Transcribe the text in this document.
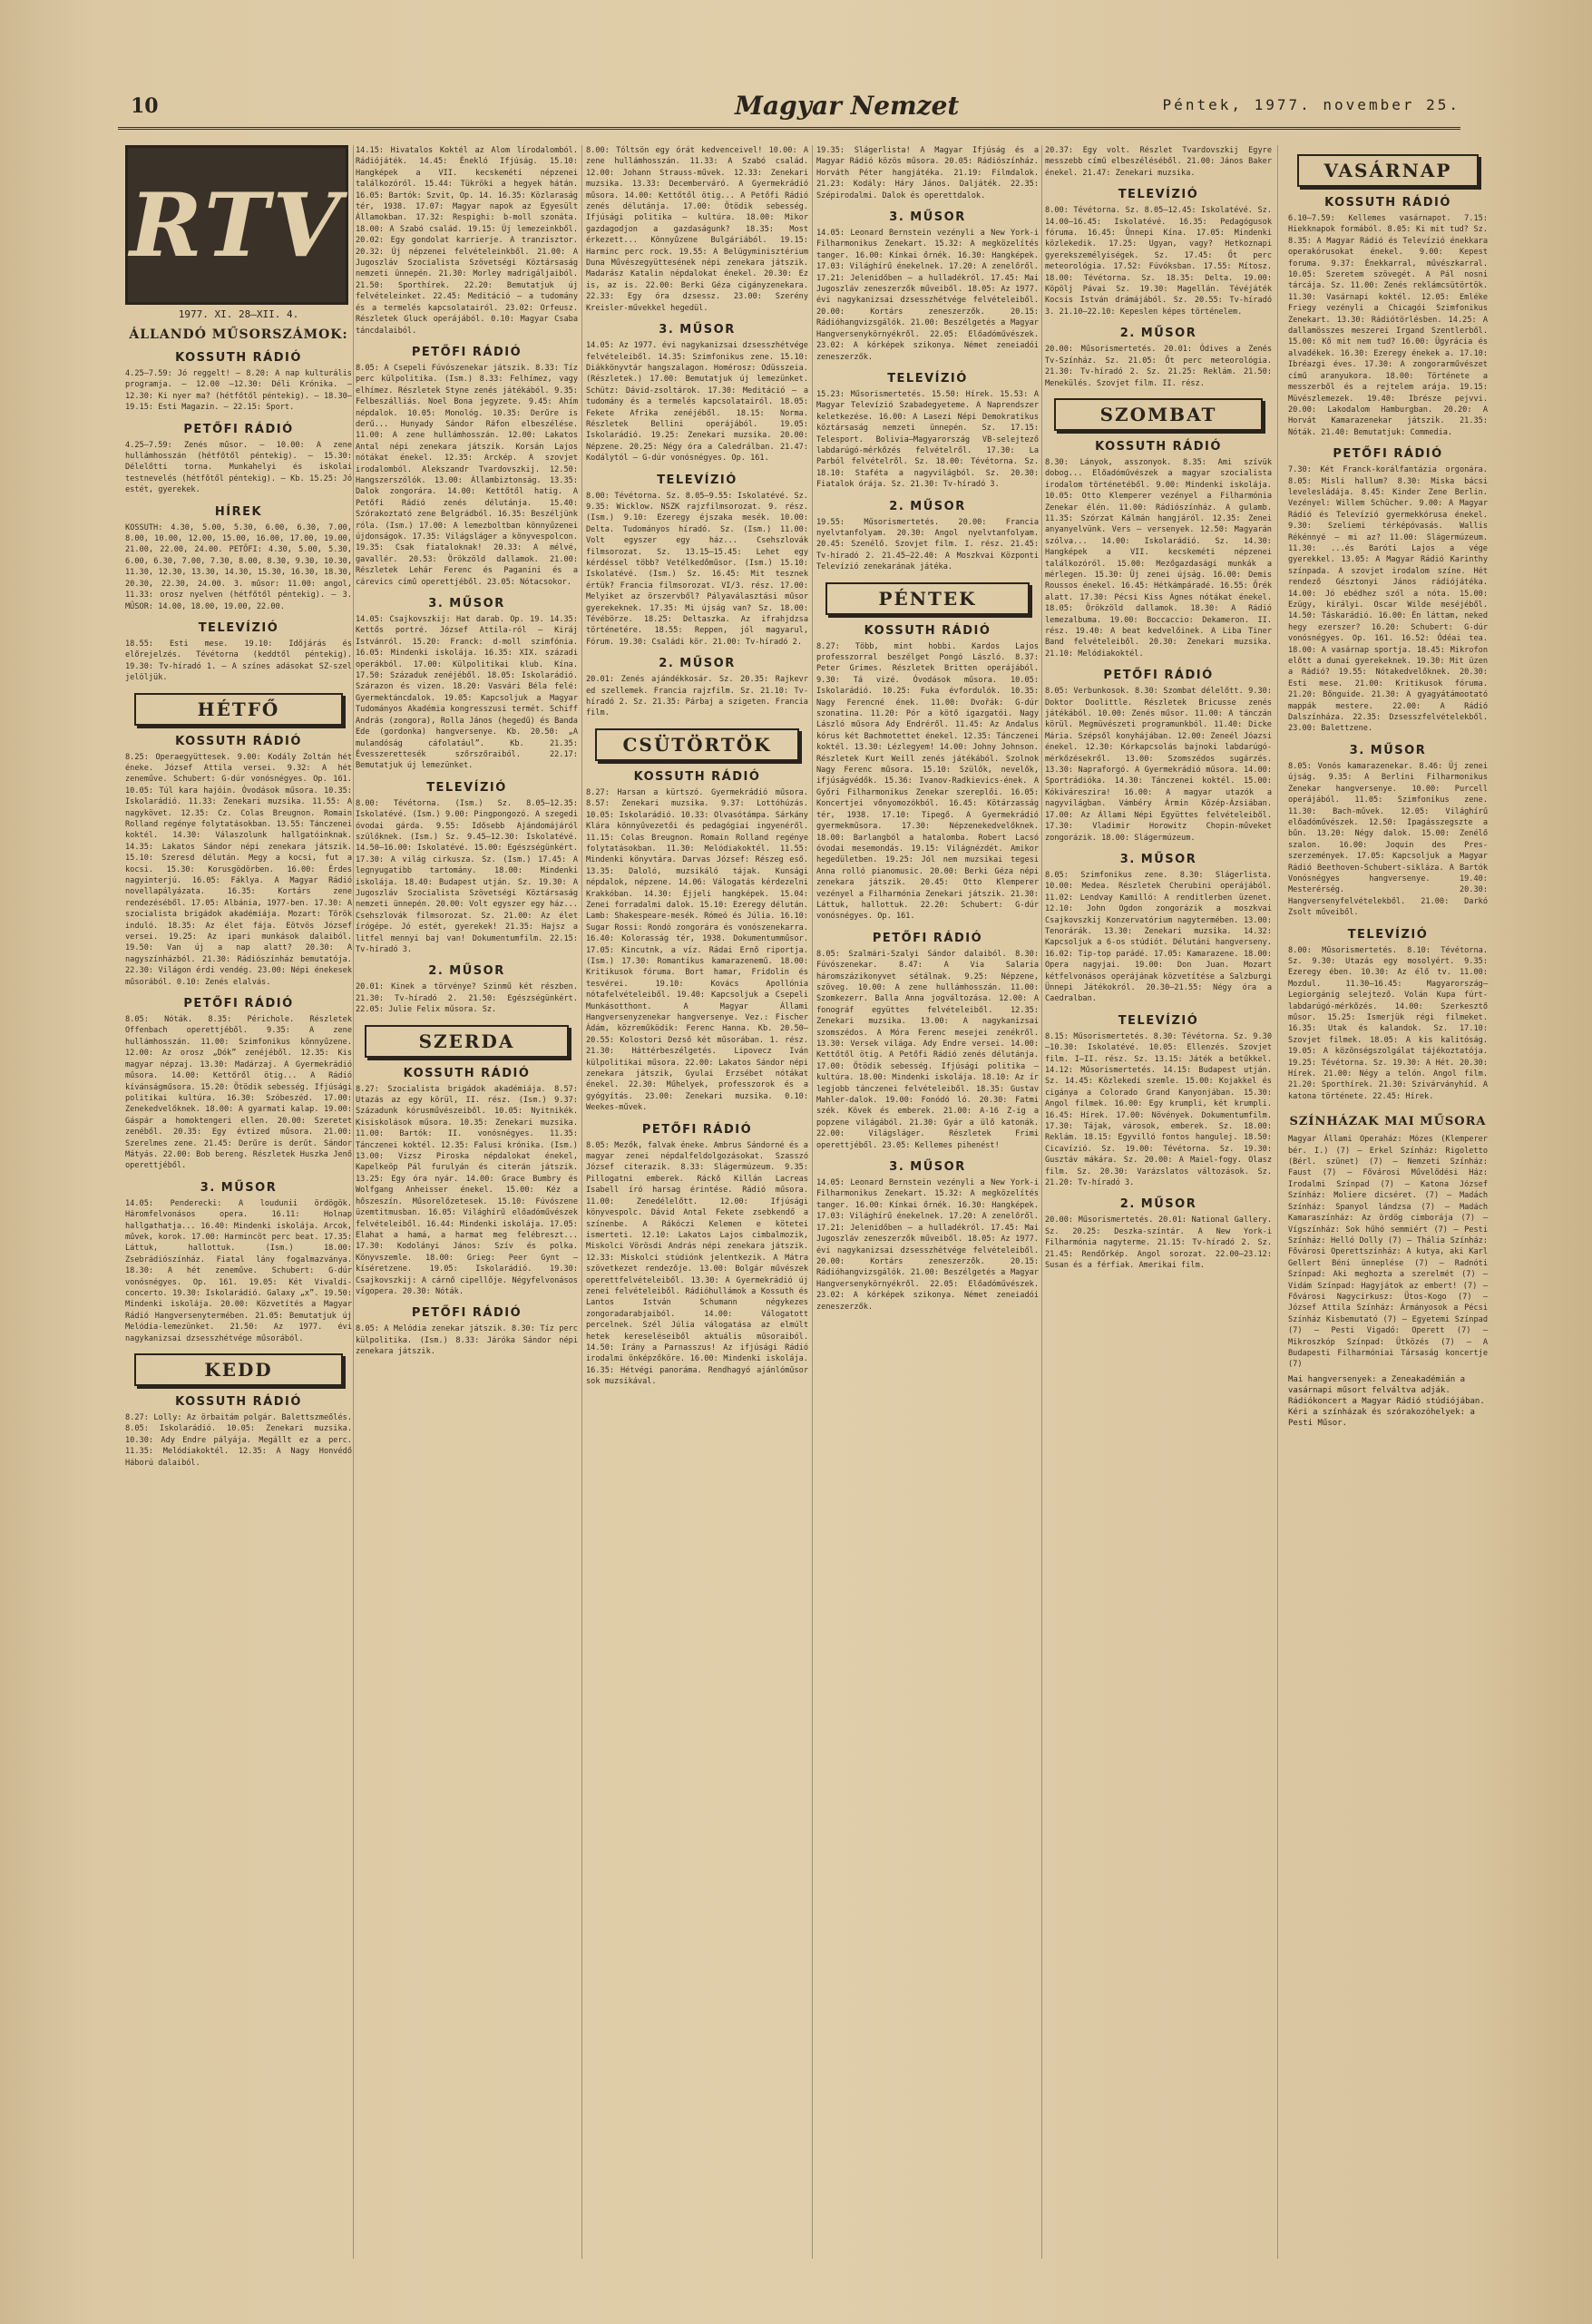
10	Magyar Nemzet	Péntek, 1977. november 25.
RTV
1977. XI. 28—XII. 4.
ÁLLANDÓ MŰSORSZÁMOK:
KOSSUTH RÁDIÓ

4.25—7.59: Jó reggelt! — 8.20: A nap kulturális programja. — 12.00 —12.30: Déli Krónika. — 12.30: Ki nyer ma? (hétfőtől péntekig). — 18.30—19.15: Esti Magazin. — 22.15: Sport.

PETŐFI RÁDIÓ

4.25—7.59: Zenés műsor. — 10.00: A zene hullámhosszán (hétfőtől péntekig). — 15.30: Délelőtti torna. Munkahelyi és iskolai testnevelés (hétfőtől péntekig). — Kb. 15.25: Jó estét, gyerekek.

HÍREK

KOSSUTH: 4.30, 5.00, 5.30, 6.00, 6.30, 7.00, 8.00, 10.00, 12.00, 15.00, 16.00, 17.00, 19.00, 21.00, 22.00, 24.00. PETŐFI: 4.30, 5.00, 5.30, 6.00, 6.30, 7.00, 7.30, 8.00, 8.30, 9.30, 10.30, 11.30, 12.30, 13.30, 14.30, 15.30, 16.30, 18.30, 20.30, 22.30, 24.00. 3. műsor: 11.00: angol, 11.33: orosz nyelven (hétfőtől péntekig). — 3. MŰSOR: 14.00, 18.00, 19.00, 22.00.

TELEVÍZIÓ

18.55: Esti mese. 19.10: Időjárás és előrejelzés. Tévétorna (keddtől péntekig). 19.30: Tv-híradó 1. — A színes adásokat SZ-szel jelöljük.

HÉTFŐ
KOSSUTH RÁDIÓ

8.25: Operaegyüttesek. 9.00: Kodály Zoltán hét éneke. József Attila versei. 9.32: A hét zeneműve. Schubert: G-dúr vonósnégyes. Op. 161. 10.05: Túl kara hajóin. Óvodások műsora. 10.35: Iskolarádió. 11.33: Zenekari muzsika. 11.55: A nagykövet. 12.35: Cz. Colas Breugnon. Romain Rolland regénye folytatásokban. 13.55: Tánczenei koktél. 14.30: Válaszolunk hallgatóinknak. 14.35: Lakatos Sándor népi zenekara játszik. 15.10: Szeresd délután. Megy a kocsi, fut a kocsi. 15.30: Korusgödörben. 16.00: Érdes nagyinterjú. 16.05: Fáklya. A Magyar Rádió novellapályázata. 16.35: Kortárs zene rendezéséből. 17.05: Albánia, 1977-ben. 17.30: A szocialista brigádok akadémiája. Mozart: Török induló. 18.35: Az élet fája. Eötvös József versei. 19.25: Az ipari munkások dalaiból. 19.50: Van új a nap alatt? 20.30: A nagyszínházból. 21.30: Rádiószínház bemutatója. 22.30: Világon érdi vendég. 23.00: Népi énekesek műsorából. 0.10: Zenés elalvás.

PETŐFI RÁDIÓ

8.05: Nóták. 8.35: Périchole. Részletek Offenbach operettjéből. 9.35: A zene hullámhosszán. 11.00: Szimfonikus könnyűzene. 12.00: Az orosz „Dók” zenéjéből. 12.35: Kis magyar népzaj. 13.30: Madárzaj. A Gyermekrádió műsora. 14.00: Kettőről ötig... A Rádió kívánságműsora. 15.20: Ötödik sebesség. Ifjúsági politikai kultúra. 16.30: Szóbeszéd. 17.00: Zenekedvelőknek. 18.00: A gyarmati kalap. 19.00: Gáspár a homoktengeri ellen. 20.00: Szeretet zenéből. 20.35: Egy évtized műsora. 21.00: Szerelmes zene. 21.45: Derűre is derűt. Sándor Mátyás. 22.00: Bob bereng. Részletek Huszka Jenő operettjéből.

3. MŰSOR

14.05: Penderecki: A loudunii ördögök. Háromfelvonásos opera. 16.11: Holnap hallgathatja... 16.40: Mindenki iskolája. Arcok, művek, korok. 17.00: Harmincöt perc beat. 17.35: Láttuk, hallottuk. (Ism.) 18.00: Zsebrádiószínház. Fiatal lány fogalmazványa. 18.30: A hét zeneműve. Schubert: G-dúr vonósnégyes. Op. 161. 19.05: Két Vivaldi-concerto. 19.30: Iskolarádió. Galaxy „x”. 19.50: Mindenki iskolája. 20.00: Közvetítés a Magyar Rádió Hangversenytermében. 21.05: Bemutatjuk új Melódia-lemezünket. 21.50: Az 1977. évi nagykanizsai dzsesszhétvége műsorából.

KEDD
KOSSUTH RÁDIÓ

8.27: Lolly: Az örbaitám polgár. Balettszmeőlés. 8.05: Iskolarádió. 10.05: Zenekari muzsika. 10.30: Ady Endre pályája. Megállt ez a perc. 11.35: Melódiakoktél. 12.35: A Nagy Honvédő Háború dalaiból.

14.15: Hivatalos Koktél az Alom lírodalomból. Rádiójáték. 14.45: Énekló Ifjúság. 15.10: Hangképek a VII. kecskeméti népzenei találkozóról. 15.44: Tükröki a hegyek hátán. 16.05: Bartók: Szvit, Op. 14. 16.35: Közlaraság tér, 1938. 17.07: Magyar napok az Egyesült Államokban. 17.32: Respighi: b-moll szonáta. 18.00: A Szabó család. 19.15: Új lemezeinkből. 20.02: Egy gondolat karrierje. A tranzisztor. 20.32: Új népzenei felvételeinkből. 21.00: A Jugoszláv Szocialista Szövetségi Köztársaság nemzeti ünnepén. 21.30: Morley madrigáljaiból. 21.50: Sporthírek. 22.20: Bemutatjuk új felvételeinket. 22.45: Meditáció — a tudomány és a termelés kapcsolatairól. 23.02: Orfeusz. Részletek Gluck operájából. 0.10: Magyar Csaba táncdalaiból.

PETŐFI RÁDIÓ

8.05: A Csepeli Fúvószenekar játszik. 8.33: Tíz perc külpolitika. (Ism.) 8.33: Felhímez, vagy elhímez. Részletek Styne zenés játékából. 9.35: Felbeszálliás. Noel Bona jegyzete. 9.45: Ahím népdalok. 10.05: Monológ. 10.35: Derűre is derű... Hunyady Sándor Ráfon elbeszélése. 11.00: A zene hullámhosszán. 12.00: Lakatos Antal népi zenekara játszik. Korsán Lajos nótákat énekel. 12.35: Arckép. A szovjet irodalomból. Alekszandr Tvardovszkij. 12.50: Hangszerszólók. 13.00: Állambiztonság. 13.35: Dalok zongorára. 14.00: Kettőtől hatig. A Petőfi Rádió zenés délutánja. 15.40: Szórakoztató zene Belgrádból. 16.35: Beszéljünk róla. (Ism.) 17.00: A lemezboltban könnyűzenei újdonságok. 17.35: Világsláger a könyvespolcon. 19.35: Csak fiataloknak! 20.33: A mélvé, gavallér. 20.53: Örökzöld dallamok. 21.00: Részletek Lehár Ferenc és Paganini és a cárevics című operettjéből. 23.05: Nótacsokor.

3. MŰSOR

14.05: Csajkovszkij: Hat darab. Op. 19. 14.35: Kettős portré. József Attila-ról — Kiráj Istvánról. 15.20: Franck: d-moll szimfónia. 16.05: Mindenki iskolája. 16.35: XIX. századi operákból. 17.00: Külpolitikai klub. Kína. 17.50: Századuk zenéjéből. 18.05: Iskolarádió. Szárazon és vizen. 18.20: Vasvári Béla felé: Gyermektáncdalok. 19.05: Kapcsoljuk a Magyar Tudományos Akadémia kongresszusi termét. Schiff András (zongora), Rolla János (hegedű) és Banda Ede (gordonka) hangversenye. Kb. 20.50: „A mulandóság cáfolatául”. Kb. 21.35: Évesszerettesék szőrszőraiból. 22.17: Bemutatjuk új lemezünket.

TELEVÍZIÓ

8.00: Tévétorna. (Ism.) Sz. 8.05—12.35: Iskolatévé. (Ism.) 9.00: Pingpongozó. A szegedi óvodai gárda. 9.55: Idősebb Ajándomájáról szülőknek. (Ism.) Sz. 9.45—12.30: Iskolatévé. 14.50—16.00: Iskolatévé. 15.00: Egészségünkért. 17.30: A világ cirkusza. Sz. (Ism.) 17.45: A legnyugatibb tartomány. 18.00: Mindenki iskolája. 18.40: Budapest utján. Sz. 19.30: A Jugoszláv Szocialista Szövetségi Köztársaság nemzeti ünnepén. 20.00: Volt egyszer egy ház... Csehszlovák filmsorozat. Sz. 21.00: Az élet írógépe. Jó estét, gyerekek! 21.35: Hajsz a litfel mennyi baj van! Dokumentumfilm. 22.15: Tv-híradó 3.

2. MŰSOR

20.01: Kinek a törvénye? Szinmű két részben. 21.30: Tv-híradó 2. 21.50: Egészségünkért. 22.05: Julie Felix műsora. Sz.

SZERDA
KOSSUTH RÁDIÓ

8.27: Szocialista brigádok akadémiája. 8.57: Utazás az egy körül, II. rész. (Ism.) 9.37: Századunk kórusművészeiből. 10.05: Nyitnikék. Kisiskolások műsora. 10.35: Zenekari muzsika. 11.00: Bartók: II. vonósnégyes. 11.35: Tánczenei koktél. 12.35: Falusi krónika. (Ism.) 13.00: Vizsz Piroska népdalokat énekel, Kapelkeöp Pál furulyán és citerán játszik. 13.25: Egy óra nyár. 14.00: Grace Bumbry és Wolfgang Anheisser énekel. 15.00: Kéz a hőszeszín. Műsorelőzetesek. 15.10: Fúvószene üzemtitmusban. 16.05: Világhírű előadóművészek felvételeiből. 16.44: Mindenki iskolája. 17.05: Elahat a hamá, a harmat meg felébreszt... 17.30: Kodolányi János: Szív és polka. Könyvszemle. 18.00: Grieg: Peer Gynt — kíséretzene. 19.05: Iskolarádió. 19.30: Csajkovszkij: A cárnő cipellője. Négyfelvonásos vígopera. 20.30: Nóták.

PETŐFI RÁDIÓ

8.05: A Melódia zenekar játszik. 8.30: Tíz perc külpolitika. (Ism.) 8.33: Járóka Sándor népi zenekara játszik.

8.00: Tóltsön egy órát kedvenceivel! 10.00: A zene hullámhosszán. 11.33: A Szabó család. 12.00: Johann Strauss-művek. 12.33: Zenekari muzsika. 13.33: Decemberváró. A Gyermekrádió műsora. 14.00: Kettőtől ötig... A Petőfi Rádió zenés délutánja. 17.00: Ötödik sebesség. Ifjúsági politika — kultúra. 18.00: Mikor gazdagodjon a gazdaságunk? 18.35: Most érkezett... Könnyűzene Bulgáriából. 19.15: Harminc perc rock. 19.55: A Belügyminisztérium Duna Művészegyüttesének népi zenekara játszik. Madarász Katalin népdalokat énekel. 20.30: Ez is, az is. 22.00: Berki Géza cigányzenekara. 22.33: Egy óra dzsessz. 23.00: Szerény Kreisler-művekkel hegedül.

3. MŰSOR

14.05: Az 1977. évi nagykanizsai dzsesszhétvége felvételeiből. 14.35: Szimfonikus zene. 15.10: Diákkönyvtár hangszalagon. Homérosz: Odüsszeia. (Részletek.) 17.00: Bemutatjuk új lemezünket. Schütz: Dávid-zsoltárok. 17.30: Meditáció — a tudomány és a termelés kapcsolatairól. 18.05: Fekete Afrika zenéjéből. 18.15: Norma. Részletek Bellini operájából. 19.05: Iskolarádió. 19.25: Zenekari muzsika. 20.00: Népzene. 20.25: Négy óra a Caledrálban. 21.47: Kodálytól — G-dúr vonósnégyes. Op. 161.

TELEVÍZIÓ

8.00: Tévétorna. Sz. 8.05—9.55: Iskolatévé. Sz. 9.35: Wicklow. NSZK rajzfilmsorozat. 9. rész. (Ism.) 9.10: Ezeregy éjszaka mesék. 10.00: Delta. Tudományos híradó. Sz. (Ism.) 11.00: Volt egyszer egy ház... Csehszlovák filmsorozat. Sz. 13.15—15.45: Lehet egy kérdéssel több? Vetélkedőműsor. (Ism.) 15.10: Iskolatévé. (Ism.) Sz. 16.45: Mit tesznek értük? Francia filmsorozat. VI/3. rész. 17.00: Melyiket az örszervből? Pályaválasztási műsor gyerekeknek. 17.35: Mi újság van? Sz. 18.00: Tévébörze. 18.25: Deltaszka. Az ifrahjdzsa történetére. 18.55: Reppen, jól magyarul, Fórum. 19.30: Családi kör. 21.00: Tv-híradó 2.

2. MŰSOR

20.01: Zenés ajándékkosár. Sz. 20.35: Rajkevr ed szellemek. Francia rajzfilm. Sz. 21.10: Tv-híradó 2. Sz. 21.35: Párbaj a szigeten. Francia film.

CSÜTÖRTÖK
KOSSUTH RÁDIÓ

8.27: Harsan a kürtszó. Gyermekrádió műsora. 8.57: Zenekari muzsika. 9.37: Lottóhúzás. 10.05: Iskolarádió. 10.33: Olvasótámpa. Sárkány Klára könnyűvezetői és pedagógiai ingyenéről. 11.15: Colas Breugnon. Romain Rolland regénye folytatásokban. 11.30: Melódiakoktél. 11.55: Mindenki könyvtára. Darvas József: Részeg eső. 13.35: Daloló, muzsikáló tájak. Kunsági népdalok, népzene. 14.06: Válogatás kérdezelni Krakkóban. 14.30: Éjjeli hangképek. 15.04: Zenei forradalmi dalok. 15.10: Ezeregy délután. Lamb: Shakespeare-mesék. Rómeó és Júlia. 16.10: Sugar Rossi: Rondó zongorára és vonószenekarra. 16.40: Kolorasság tér, 1938. Dokumentumműsor. 17.05: Kincutnk, a víz. Rádai Ernő riportja. (Ism.) 17.30: Romantikus kamarazenemű. 18.00: Kritikusok fóruma. Bort hamar, Fridolin és tesvérei. 19.10: Kovács Apollónia nótafelvételeiből. 19.40: Kapcsoljuk a Csepeli Munkásotthont. A Magyar Állami Hangversenyzenekar hangversenye. Vez.: Fischer Ádám, közreműködik: Ferenc Hanna. Kb. 20.50—20.55: Kolostori Dezső két műsorában. 1. rész. 21.30: Háttérbeszélgetés. Lipovecz Iván külpolitikai műsora. 22.00: Lakatos Sándor népi zenekara játszik, Gyulai Erzsébet nótákat énekel. 22.30: Műhelyek, professzorok és a gyógyítás. 23.00: Zenekari muzsika. 0.10: Weekes-művek.

PETŐFI RÁDIÓ

8.05: Mezők, falvak éneke. Ambrus Sándorné és a magyar zenei népdalfeldolgozásokat. Szasszó József citerazik. 8.33: Slágermúzeum. 9.35: Pillogatni emberek. Ráckő Killán Lacreas Isabell író harsag érintése. Rádió műsora. 11.00: Zenedélelőtt. 12.00: Ifjúsági könyvespolc. Dávid Antal Fekete zsebkendő a színenbe. A Rákóczi Kelemen e kötetei ismerteti. 12.10: Lakatos Lajos cimbalmozik, Miskolci Vörösdi András népi zenekara játszik. 12.33: Miskolci stúdiónk jelentkezik. A Mátra szövetkezet rendezője. 13.00: Bolgár művészek operettfelvételeiből. 13.30: A Gyermekrádió új zenei felvételeiből. Rádióhullámok a Kossuth és Lantos István Schumann négykezes zongoradarabjaiból. 14.00: Válogatott percelnek. Szél Júlia válogatása az elmúlt hetek kereseléseiből aktuális műsoraiból. 14.50: Irány a Parnasszus! Az ifjúsági Rádió irodalmi önképzőköre. 16.00: Mindenki iskolája. 16.35: Hétvégi panoráma. Rendhagyó ajánlóműsor sok muzsikával.

19.35: Slágerlista! A Magyar Ifjúság és a Magyar Rádió közös műsora. 20.05: Rádiószínház. Horváth Péter hangjátéka. 21.19: Filmdalok. 21.23: Kodály: Háry János. Daljáték. 22.35: Szépirodalmi. Dalok és operettdalok.

3. MŰSOR

14.05: Leonard Bernstein vezényli a New York-i Filharmonikus Zenekart. 15.32: A megközelítés tanger. 16.00: Kínkai őrnék. 16.30: Hangképek. 17.03: Világhírű énekelnek. 17.20: A zenelőről. 17.21: Jelenidőben — a hulladékról. 17.45: Mai Jugoszláv zeneszerzők műveiből. 18.05: Az 1977. évi nagykanizsai dzsesszhétvége felvételeiből. 20.00: Kortárs zeneszerzők. 20.15: Rádióhangvizsgálók. 21.00: Beszélgetés a Magyar Hangversenykörnyékről. 22.05: Előadóművészek. 23.02: A kórképek szikonya. Német zeneiadói zeneszerzők.

TELEVÍZIÓ

15.23: Műsorismertetés. 15.50: Hírek. 15.53: A Magyar Televízió Szabadegyeteme. A Naprendszer keletkezése. 16.00: A Lasezi Népi Demokratikus köztársaság nemzeti ünnepén. Sz. 17.15: Telesport. Bolivia—Magyarország VB-selejtező labdarúgó-mérkőzés felvételről. 17.30: La Parból felvételről. Sz. 18.00: Tévétorna. Sz. 18.10: Staféta a nagyvilágból. Sz. 20.30: Fiatalok órája. Sz. 21.30: Tv-híradó 3.

2. MŰSOR

19.55: Műsorismertetés. 20.00: Francia nyelvtanfolyam. 20.30: Angol nyelvtanfolyam. 20.45: Szenélő. Szovjet film. I. rész. 21.45: Tv-híradó 2. 21.45—22.40: A Moszkvai Központi Televízió zenekarának játéka.

PÉNTEK
KOSSUTH RÁDIÓ

8.27: Több, mint hobbi. Kardos Lajos professzorral beszélget Pongó László. 8.37: Peter Grimes. Részletek Britten operájából. 9.30: Tá vizé. Óvodások műsora. 10.05: Iskolarádió. 10.25: Fuka évfordulók. 10.35: Nagy Ferencné ének. 11.00: Dvořák: G-dúr szonatina. 11.20: Pór a kötő igazgatói. Nagy László műsora Ady Endréről. 11.45: Az Andalus kórus két Bachmotettet énekel. 12.35: Tánczenei koktél. 13.30: Lézlegyem! 14.00: Johny Johnson. Részletek Kurt Weill zenés játékából. Szolnok Nagy Ferenc műsora. 15.10: Szülők, nevelők, ifjúságvédők. 15.36: Ivanov-Radkievics-ének. A Győri Filharmonikus Zenekar szereplői. 16.05: Koncertjei vőnyomozókból. 16.45: Kötárzasság tér, 1938. 17.10: Tipegő. A Gyermekrádió gyermekműsora. 17.30: Népzenekedvelőknek. 18.00: Barlangból a hatalomba. Robert Lacsó óvodai mesemondás. 19.15: Világnézdét. Amikor hegedületben. 19.25: Jól nem muzsikai tegesi Anna rolló pianomusic. 20.00: Berki Géza népi zenekara játszik. 20.45: Otto Klemperer vezényel a Filharmónia Zenekari játszik. 21.30: Láttuk, hallottuk. 22.20: Schubert: G-dúr vonósnégyes. Op. 161.

PETŐFI RÁDIÓ

8.05: Szalmári-Szalyi Sándor dalaiból. 8.30: Fúvószenekar. 8.47: A Via Salaria háromszázikonyvet sétálnak. 9.25: Népzene, szöveg. 10.00: A zene hullámhosszán. 11.00: Szomkezerr. Balla Anna jogváltozása. 12.00: A fonográf együttes felvételeiből. 12.35: Zenekari muzsika. 13.00: A nagykanizsai szomszédos. A Móra Ferenc mesejei zenékről. 13.30: Versek világa. Ady Endre versei. 14.00: Kettőtől ötig. A Petőfi Rádió zenés délutánja. 17.00: Ötödik sebesség. Ifjúsági politika — kultúra. 18.00: Mindenki iskolája. 18.10: Az ír legjobb tánczenei felvételeiből. 18.35: Gustav Mahler-dalok. 19.00: Fonódó ló. 20.30: Fatmi szék. Kövek és emberek. 21.00: A-16 Z-ig a popzene világából. 21.30: Gyár a ülő katonák. 22.00: Világsláger. Részletek Frimi operettjéből. 23.05: Kellemes pihenést!

3. MŰSOR

14.05: Leonard Bernstein vezényli a New York-i Filharmonikus Zenekart. 15.32: A megközelítés tanger. 16.00: Kínkai őrnék. 16.30: Hangképek. 17.03: Világhírű énekelnek. 17.20: A zenelőről. 17.21: Jelenidőben — a hulladékról. 17.45: Mai Jugoszláv zeneszerzők műveiből. 18.05: Az 1977. évi nagykanizsai dzsesszhétvége felvételeiből. 20.00: Kortárs zeneszerzők. 20.15: Rádióhangvizsgálók. 21.00: Beszélgetés a Magyar Hangversenykörnyékről. 22.05: Előadóművészek. 23.02: A kórképek szikonya. Német zeneiadói zeneszerzők.

20.37: Egy volt. Részlet Tvardovszkij Egyre messzebb című elbeszéléséből. 21.00: János Baker énekel. 21.47: Zenekari muzsika.

TELEVÍZIÓ

8.00: Tévétorna. Sz. 8.05—12.45: Iskolatévé. Sz. 14.00—16.45: Iskolatévé. 16.35: Pedagógusok fóruma. 16.45: Ünnepi Kína. 17.05: Mindenki közlekedik. 17.25: Ugyan, vagy? Hetkoznapi gyerekszemélyiségek. Sz. 17.45: Őt perc meteorológia. 17.52: Fúvóksban. 17.55: Mítosz. 18.00: Tévétorna. Sz. 18.35: Delta. 19.00: Köpölj Pávai Sz. 19.30: Magellán. Tévéjáték Kocsis István drámájából. Sz. 20.55: Tv-híradó 3. 21.10—22.10: Kepeslen képes történelem.

2. MŰSOR

20.00: Műsorismertetés. 20.01: Ódives a Zenés Tv-Színház. Sz. 21.05: Őt perc meteorológia. 21.30: Tv-híradó 2. Sz. 21.25: Reklám. 21.50: Menekülés. Szovjet film. II. rész.

SZOMBAT
KOSSUTH RÁDIÓ

8.30: Lányok, asszonyok. 8.35: Ami szívük dobog... Előadóművészek a magyar szocialista irodalom történetéből. 9.00: Mindenki iskolája. 10.05: Otto Klemperer vezényel a Filharmónia Zenekar élén. 11.00: Rádiószínház. A gulamb. 11.35: Szórzat Kálmán hangjáról. 12.35: Zenei anyanyelvünk. Vers — versenyek. 12.50: Magyarán szólva... 14.00: Iskolarádió. Sz. 14.30: Hangképek a VII. kecskeméti népzenei találkozóról. 15.00: Mezőgazdasági munkák a mérlegen. 15.30: Üj zenei újság. 16.00: Demis Roussos énekel. 16.45: Hétkámpáradé. 16.55: Őrék alatt. 17.30: Pécsi Kiss Ágnes nótákat énekel. 18.05: Örökzöld dallamok. 18.30: A Rádió lemezalbuma. 19.00: Boccaccio: Dekameron. II. rész. 19.40: A beat kedvelőinek. A Liba Tiner Band felvételeiből. 20.30: Zenekari muzsika. 21.10: Melódiakoktél.

PETŐFI RÁDIÓ

8.05: Verbunkosok. 8.30: Szombat délelőtt. 9.30: Doktor Doolittle. Részletek Bricusse zenés játékából. 10.00: Zenés műsor. 11.00: A tánczán körül. Megmüvészeti programunkból. 11.40: Dicke Mária. Szépsől konyhájában. 12.00: Zeneél Jóazsi énekel. 12.30: Kórkapcsolás bajnoki labdarúgó-mérkőzésekről. 13.00: Szomszédos sugárzés. 13.30: Napraforgó. A Gyermekrádió műsora. 14.00: Sportrádióka. 14.30: Tánczenei koktél. 15.00: Kókiváreszira! 16.00: A magyar utazók a nagyvilágban. Vámbéry Ármin Közép-Ázsiában. 17.00: Az Állami Népi Együttes felvételeiből. 17.30: Vladimir Horowitz Chopin-műveket zongorázik. 18.00: Slágermúzeum.

3. MŰSOR

8.05: Szimfonikus zene. 8.30: Slágerlista. 10.00: Medea. Részletek Cherubini operájából. 11.02: Lendvay Kamilló: A renditlerben üzenet. 12.10: John Ogdon zongorázik a moszkvai Csajkovszkij Konzervatórium nagytermében. 13.00: Tenorárák. 13.30: Zenekari muzsika. 14.32: Kapcsoljuk a 6-os stúdiót. Délutáni hangverseny. 16.02: Tip-top parádé. 17.05: Kamarazene. 18.00: Opera nagyjai. 19.00: Don Juan. Mozart kétfelvonásos operájának közvetítése a Salzburgi Ünnepi Játékokról. 20.30—21.55: Négy óra a Caedralban.

TELEVÍZIÓ

8.15: Műsorismertetés. 8.30: Tévétorna. Sz. 9.30—10.30: Iskolatévé. 10.05: Ellenzés. Szovjet film. I—II. rész. Sz. 13.15: Játék a betűkkel. 14.12: Műsorismertetés. 14.15: Budapest utján. Sz. 14.45: Közlekedi szemle. 15.00: Kojakkel és cigánya a Colorado Grand Kanyonjában. 15.30: Angol filmek. 16.00: Egy krumpli, két krumpli. 16.45: Hírek. 17.00: Növények. Dokumentumfilm. 17.30: Tájak, városok, emberek. Sz. 18.00: Reklám. 18.15: Egyvilló fontos hangulej. 18.50: Cicavízió. Sz. 19.00: Tévétorna. Sz. 19.30: Gusztáv mákára. Sz. 20.00: A Maiel-fogy. Olasz film. Sz. 20.30: Varázslatos változások. Sz. 21.20: Tv-híradó 3.

2. MŰSOR

20.00: Műsorismertetés. 20.01: National Gallery. Sz. 20.25: Deszka-színtár. A New York-i Filharmónia nagyterme. 21.15: Tv-híradó 2. Sz. 21.45: Rendőrkép. Angol sorozat. 22.00—23.12: Susan és a férfiak. Amerikai film.

VASÁRNAP
KOSSUTH RÁDIÓ

6.10—7.59: Kellemes vasárnapot. 7.15: Hiekknapok formából. 8.05: Ki mit tud? Sz. 8.35: A Magyar Rádió és Televízió énekkara operakórusokat énekel. 9.00: Kepest foruma. 9.37: Énekkarral, művészkarral. 10.05: Szeretem szövegét. A Pál nosni tárcája. Sz. 11.00: Zenés reklámcsütörtök. 11.30: Vasárnapi koktél. 12.05: Emléke Friegy vezényli a Chicagói Szimfonikus Zenekart. 13.30: Rádiótörlésben. 14.25: A dallamösszes meszerei Irgand Szentlerből. 15.00: Kő mit nem tud? 16.00: Ügyrácia és alvadékek. 16.30: Ezeregy énekek a. 17.10: Ibréazgi éves. 17.30: A zongorarművészet című aranyukora. 18.00: Története a messzerből és a rejtelem arája. 19.15: Müvészlemezek. 19.40: Ibrésze pejvvi. 20.00: Lakodalom Hamburgban. 20.20: A Horvát Kamarazenekar játszik. 21.35: Nóták. 21.40: Bemutatjuk: Commedia.

PETŐFI RÁDIÓ

7.30: Két Franck-korálfantázia orgonára. 8.05: Misli hallum? 8.30: Miska bácsi levelesládája. 8.45: Kinder Zene Berlin. Vezényel: Willem Schücher. 9.00: A Magyar Rádió és Televízió gyermekkórusa énekel. 9.30: Szeliemi térképóvasás. Wallis Rékénnyé — mi az? 11.00: Slágermúzeum. 11.30: ...és Baróti Lajos a vége gyerekkel. 13.05: A Magyar Rádió Karinthy színpada. A szovjet irodalom színe. Hét rendező Gésztonyi János rádiójátéka. 14.00: Jó ebédhez szól a nóta. 15.00: Ezügy, királyi. Oscar Wilde meséjéből. 14.50: Táskarádió. 16.00: Én láttam, neked hegy ezerszer? 16.20: Schubert: G-dúr vonósnégyes. Op. 161. 16.52: Ódéai tea. 18.00: A vasárnap sportja. 18.45: Mikrofon előtt a dunai gyerekeknek. 19.30: Mit üzen a Rádió? 19.55: Nótakedvelőknek. 20.30: Esti mese. 21.00: Kritikusok fóruma. 21.20: Bőnguide. 21.30: A gyagyátámootató mappák mestere. 22.00: A Rádió Dalszínháza. 22.35: Dzsesszfelvételekből. 23.00: Balettzene.

3. MŰSOR

8.05: Vonós kamarazenekar. 8.46: Üj zenei újság. 9.35: A Berlini Filharmonikus Zenekar hangversenye. 10.00: Purcell operájából. 11.05: Szimfonikus zene. 11.30: Bach-művek. 12.05: Világhírű előadóművészek. 12.50: Ipagásszegszte a bűn. 13.20: Négy dalok. 15.00: Zenélő szalon. 16.00: Joquin des Pres-szerzemények. 17.05: Kapcsoljuk a Magyar Rádió Beethoven-Schubert-sikláza. A Bartók Vonósnégyes hangversenye. 19.40: Mesterérség. 20.30: Hangversenyfelvételekből. 21.00: Darkó Zsolt műveiből.

TELEVÍZIÓ

8.00: Műsorismertetés. 8.10: Tévétorna. Sz. 9.30: Utazás egy mosolyért. 9.35: Ezeregy ében. 10.30: Az élő tv. 11.00: Mozdul. 11.30—16.45: Magyarország—Legiorgánig selejtező. Volán Kupa fúrt-labdarúgó-mérkőzés. 14.00: Szerkesztő műsor. 15.25: Ismerjük régi filmeket. 16.35: Utak és kalandok. Sz. 17.10: Szovjet filmek. 18.05: A kis kalitóság. 19.05: A közönségszolgálat tájékoztatója. 19.25: Tévétorna. Sz. 19.30: A Hét. 20.30: Hírek. 21.00: Négy a telón. Angol film. 21.20: Sporthírek. 21.30: Szivárványhíd. A katona története. 22.45: Hírek.

SZÍNHÁZAK MAI MŰSORA

Magyar Állami Operaház: Mózes (Klemperer bér. I.) (7) — Erkel Színház: Rigoletto (Bérl. szünet) (7) — Nemzeti Színház: Faust (7) — Fővárosi Művelődési Ház: Irodalmi Színpad (7) — Katona József Színház: Moliere dicséret. (7) — Madách Színház: Spanyol lándzsa (7) — Madách Kamaraszínház: Az ördög cimborája (7) — Vígszínház: Sok hűhó semmiért (7) — Pesti Színház: Helló Dolly (7) — Thália Színház: Fővárosi Operettszínház: A kutya, aki Karl Gellert Béni ünneplése (7) — Radnóti Színpad: Aki meghozta a szerelmét (7) — Vidám Színpad: Hagyjátok az embert! (7) — Fővárosi Nagycirkusz: Ütos-Kogo (7) — József Attila Színház: Ármányosok a Pécsi Színház Kisbemutató (7) — Egyetemi Színpad (7) — Pesti Vigadó: Operett (7) — Mikroszkóp Színpad: Ütközés (7) — A Budapesti Filharmóniai Társaság koncertje (7)

Mai hangversenyek: a Zeneakadémián a vasárnapi műsort felváltva adják. Rádiókoncert a Magyar Rádió stúdiójában. Kéri a színházak és szórakozóhelyek: a Pesti Műsor.
